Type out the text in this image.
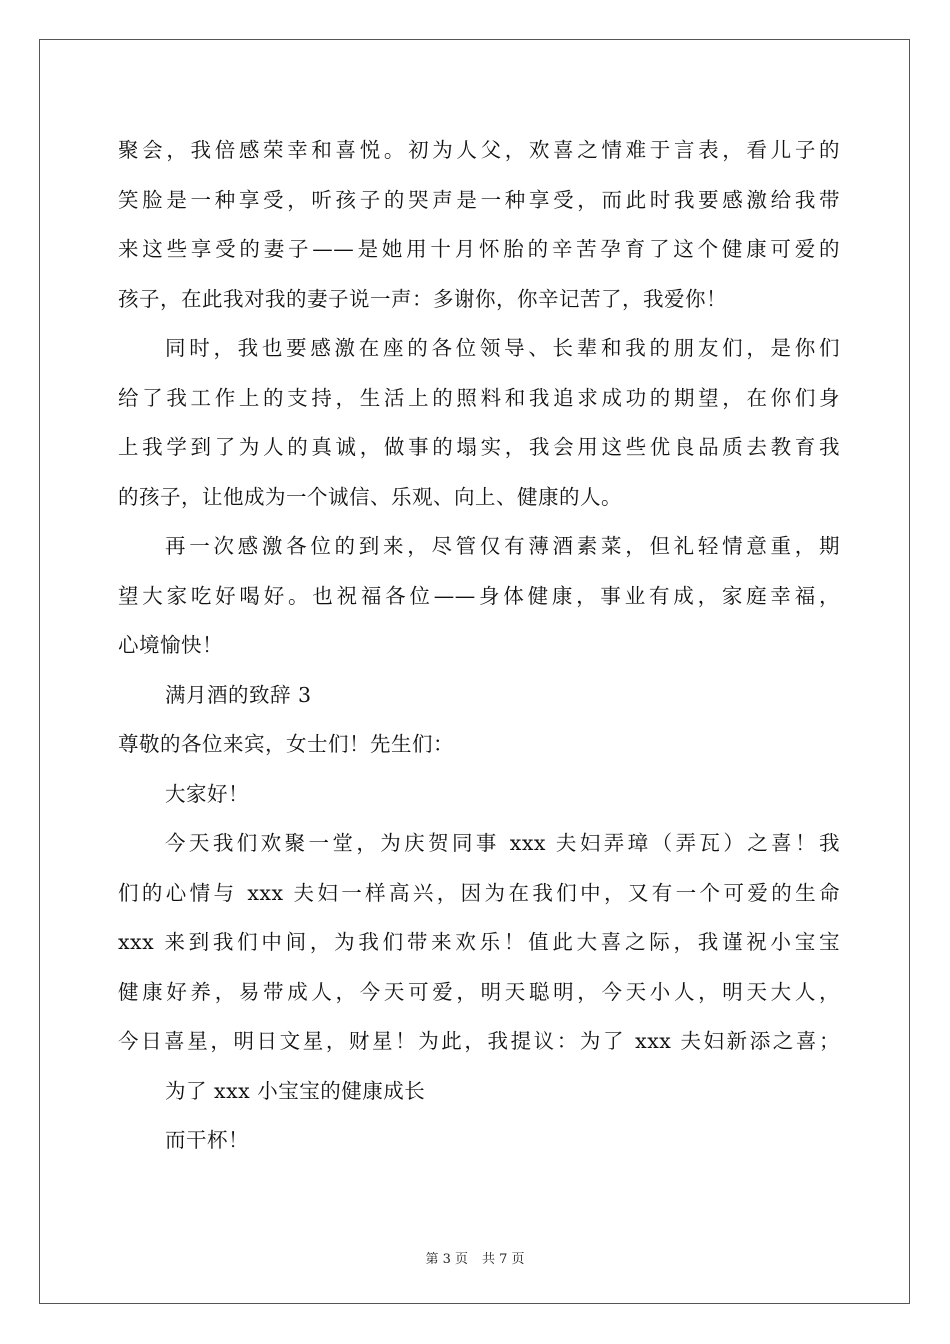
聚会，我倍感荣幸和喜悦。初为人父，欢喜之情难于言表，看儿子的
笑脸是一种享受，听孩子的哭声是一种享受，而此时我要感激给我带
来这些享受的妻子——是她用十月怀胎的辛苦孕育了这个健康可爱的
孩子，在此我对我的妻子说一声：多谢你，你辛记苦了，我爱你！
同时，我也要感激在座的各位领导、长辈和我的朋友们，是你们
给了我工作上的支持，生活上的照料和我追求成功的期望，在你们身
上我学到了为人的真诚，做事的塌实，我会用这些优良品质去教育我
的孩子，让他成为一个诚信、乐观、向上、健康的人。
再一次感激各位的到来，尽管仅有薄酒素菜，但礼轻情意重，期
望大家吃好喝好。也祝福各位——身体健康，事业有成，家庭幸福，
心境愉快！
满月酒的致辞 3
尊敬的各位来宾，女士们！先生们：
大家好！
今天我们欢聚一堂，为庆贺同事 xxx 夫妇弄璋（弄瓦）之喜！我
们的心情与 xxx 夫妇一样高兴，因为在我们中，又有一个可爱的生命
xxx 来到我们中间，为我们带来欢乐！值此大喜之际，我谨祝小宝宝
健康好养，易带成人，今天可爱，明天聪明，今天小人，明天大人，
今日喜星，明日文星，财星！为此，我提议：为了 xxx 夫妇新添之喜；
为了 xxx 小宝宝的健康成长
而干杯！
第 3 页 共 7 页
